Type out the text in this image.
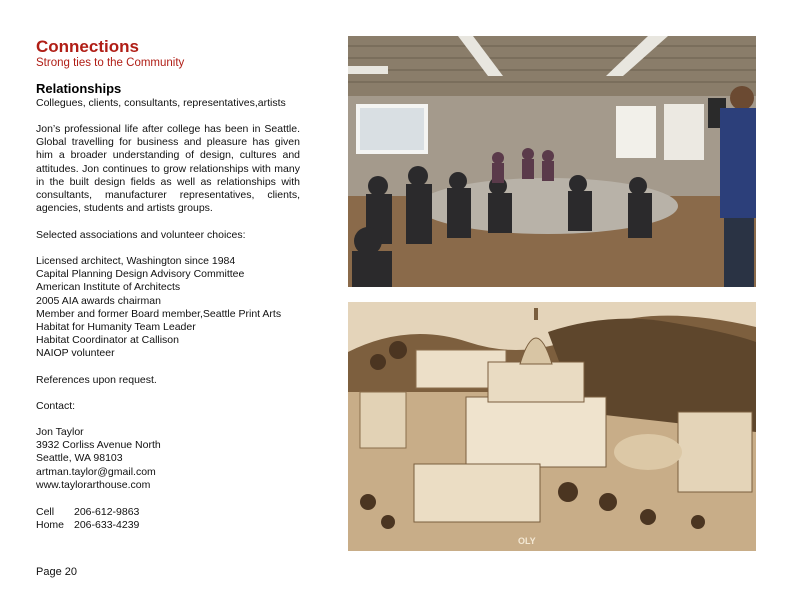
Connections
Strong ties to the Community
Relationships
Collegues, clients, consultants, representatives,artists
Jon’s professional life after college has been in Seattle. Global travelling for business and pleasure has given him a broader understanding of design, cultures and attitudes. Jon continues to grow relationships with many in the built design fields as well as relationships with consultants, manufacturer representatives, clients, agencies, students and artists groups.
Selected associations and volunteer choices:
Licensed architect, Washington since 1984
Capital Planning Design Advisory Committee
American Institute of Architects
2005 AIA awards chairman
Member and former Board member,Seattle Print Arts
Habitat for Humanity Team Leader
Habitat Coordinator at Callison
NAIOP volunteer
References upon request.
Contact:
Jon Taylor
3932 Corliss Avenue North
Seattle, WA 98103
artman.taylor@gmail.com
www.taylorarthouse.com
Cell 206-612-9863
Home 206-633-4239
Page 20
OLY
